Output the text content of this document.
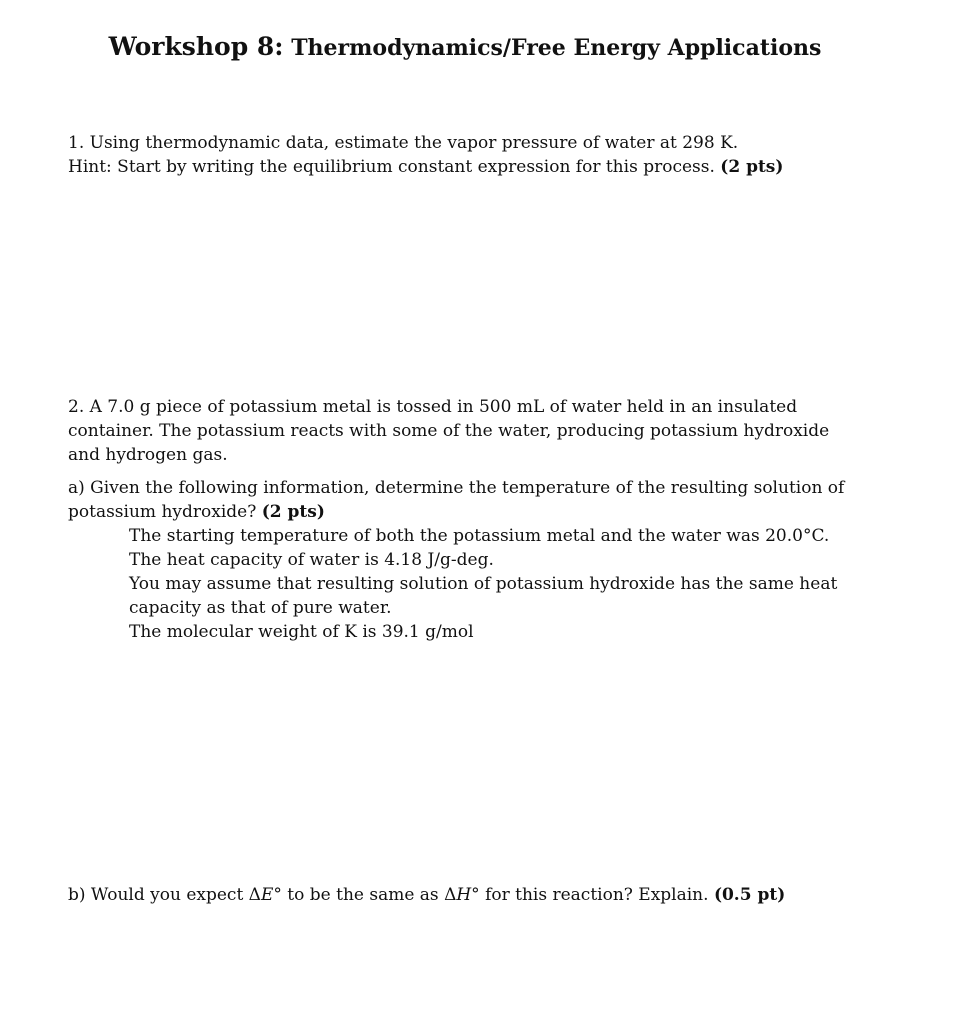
Workshop 8: Thermodynamics/Free Energy Applications
1. Using thermodynamic data, estimate the vapor pressure of water at 298 K.
Hint: Start by writing the equilibrium constant expression for this process. (2 pts)
2. A 7.0 g piece of potassium metal is tossed in 500 mL of water held in an insulated
container. The potassium reacts with some of the water, producing potassium hydroxide
and hydrogen gas.
a) Given the following information, determine the temperature of the resulting solution of
potassium hydroxide? (2 pts)
The starting temperature of both the potassium metal and the water was 20.0°C.
The heat capacity of water is 4.18 J/g-deg.
You may assume that resulting solution of potassium hydroxide has the same heat
capacity as that of pure water.
The molecular weight of K is 39.1 g/mol
b) Would you expect ΔE° to be the same as ΔH° for this reaction? Explain. (0.5 pt)
